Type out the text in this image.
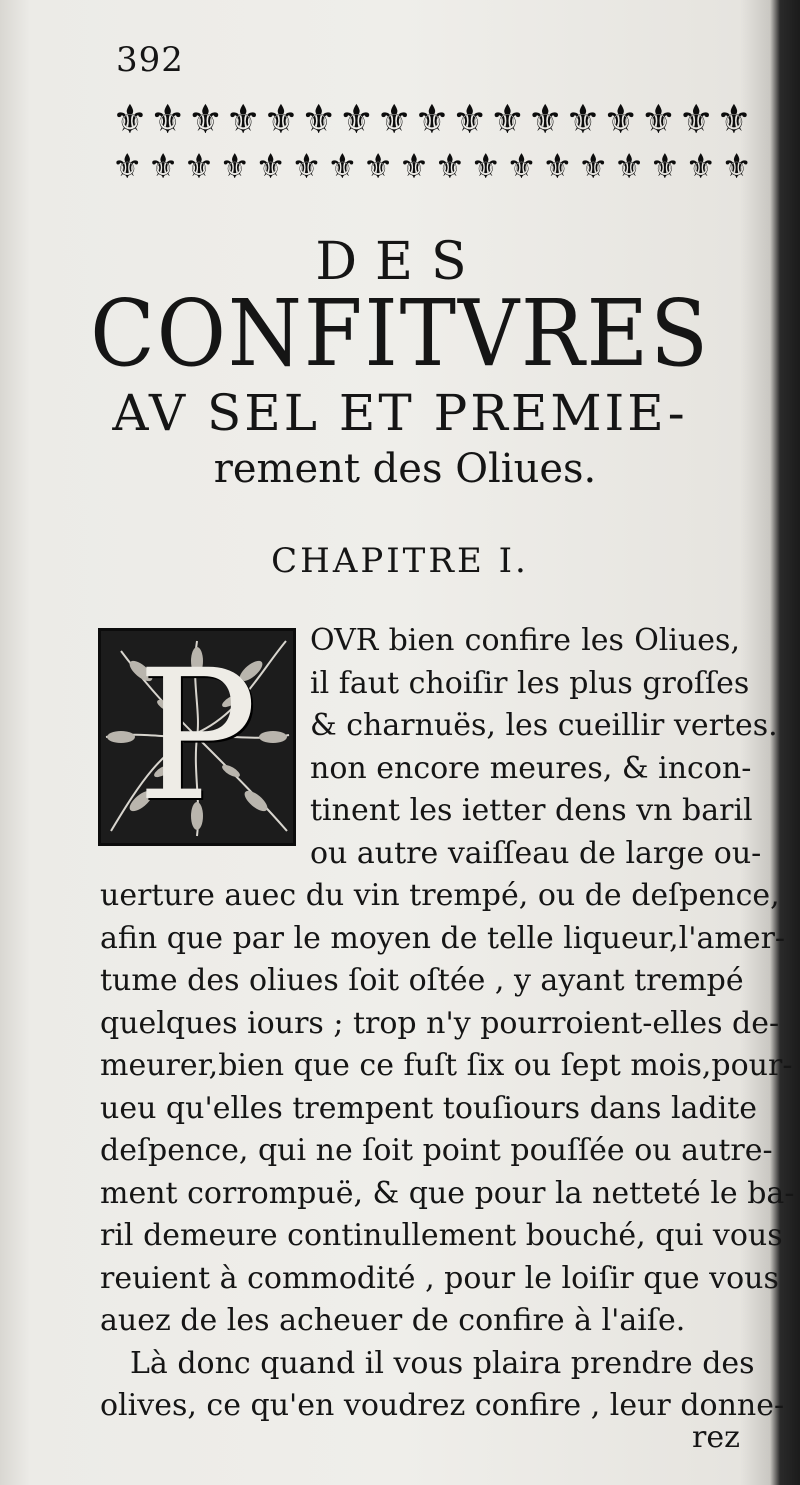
392
⚜ ⚜ ⚜ ⚜ ⚜ ⚜ ⚜ ⚜ ⚜ ⚜ ⚜ ⚜ ⚜ ⚜ ⚜ ⚜ ⚜
⚜ ⚜ ⚜ ⚜ ⚜ ⚜ ⚜ ⚜ ⚜ ⚜ ⚜ ⚜ ⚜ ⚜ ⚜ ⚜ ⚜ ⚜
DES
CONFITVRES
AV SEL ET PREMIE-
rement des Oliues.
CHAPITRE I.
P	OVR bien confire les Oliues,
il faut choiſir les plus groſſes
& charnuës, les cueillir vertes.
non encore meures, & incon-
tinent les ietter dens vn baril
ou autre vaiſſeau de large ou-
uerture auec du vin trempé, ou de deſpence,
afin que par le moyen de telle liqueur,l'amer-
tume des oliues ſoit oſtée , y ayant trempé
quelques iours ; trop n'y pourroient-elles de-
meurer,bien que ce fuſt ſix ou ſept mois,pour-
ueu qu'elles trempent touſiours dans ladite
deſpence, qui ne ſoit point pouſſée ou autre-
ment corrompuë, & que pour la netteté le ba-
ril demeure continullement bouché, qui vous
reuient à commodité , pour le loiſir que vous
auez de les acheuer de confire à l'aiſe.
Là donc quand il vous plaira prendre des
olives, ce qu'en voudrez confire , leur donne-
rez
